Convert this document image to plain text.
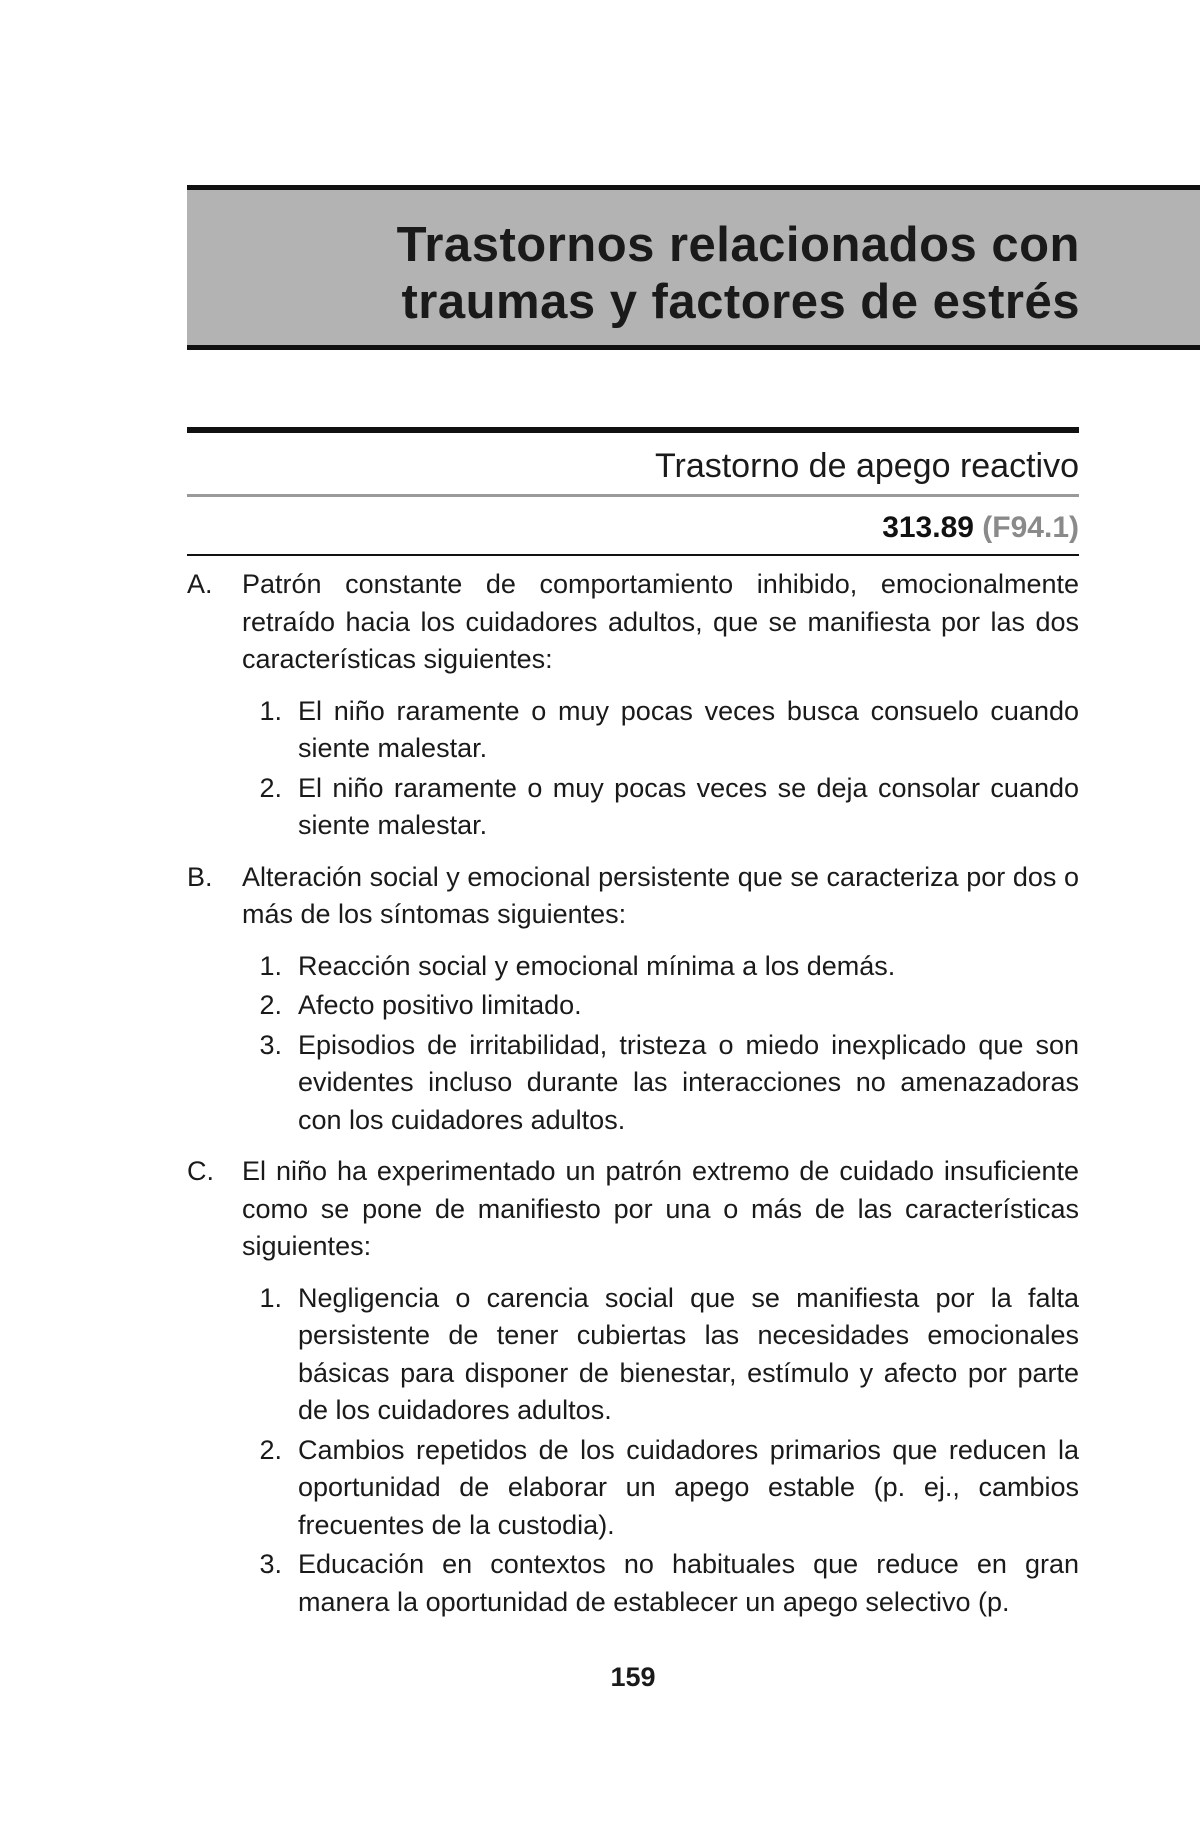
Trastornos relacionados con
traumas y factores de estrés
Trastorno de apego reactivo
313.89 (F94.1)
A. Patrón constante de comportamiento inhibido, emocionalmente retraído hacia los cuidadores adultos, que se manifiesta por las dos características siguientes:
1. El niño raramente o muy pocas veces busca consuelo cuando siente malestar.
2. El niño raramente o muy pocas veces se deja consolar cuando siente malestar.
B. Alteración social y emocional persistente que se caracteriza por dos o más de los síntomas siguientes:
1. Reacción social y emocional mínima a los demás.
2. Afecto positivo limitado.
3. Episodios de irritabilidad, tristeza o miedo inexplicado que son evidentes incluso durante las interacciones no amenazadoras con los cuidadores adultos.
C. El niño ha experimentado un patrón extremo de cuidado insuficiente como se pone de manifiesto por una o más de las características siguientes:
1. Negligencia o carencia social que se manifiesta por la falta persistente de tener cubiertas las necesidades emocionales básicas para disponer de bienestar, estímulo y afecto por parte de los cuidadores adultos.
2. Cambios repetidos de los cuidadores primarios que reducen la oportunidad de elaborar un apego estable (p. ej., cambios frecuentes de la custodia).
3. Educación en contextos no habituales que reduce en gran manera la oportunidad de establecer un apego selectivo (p.
159
